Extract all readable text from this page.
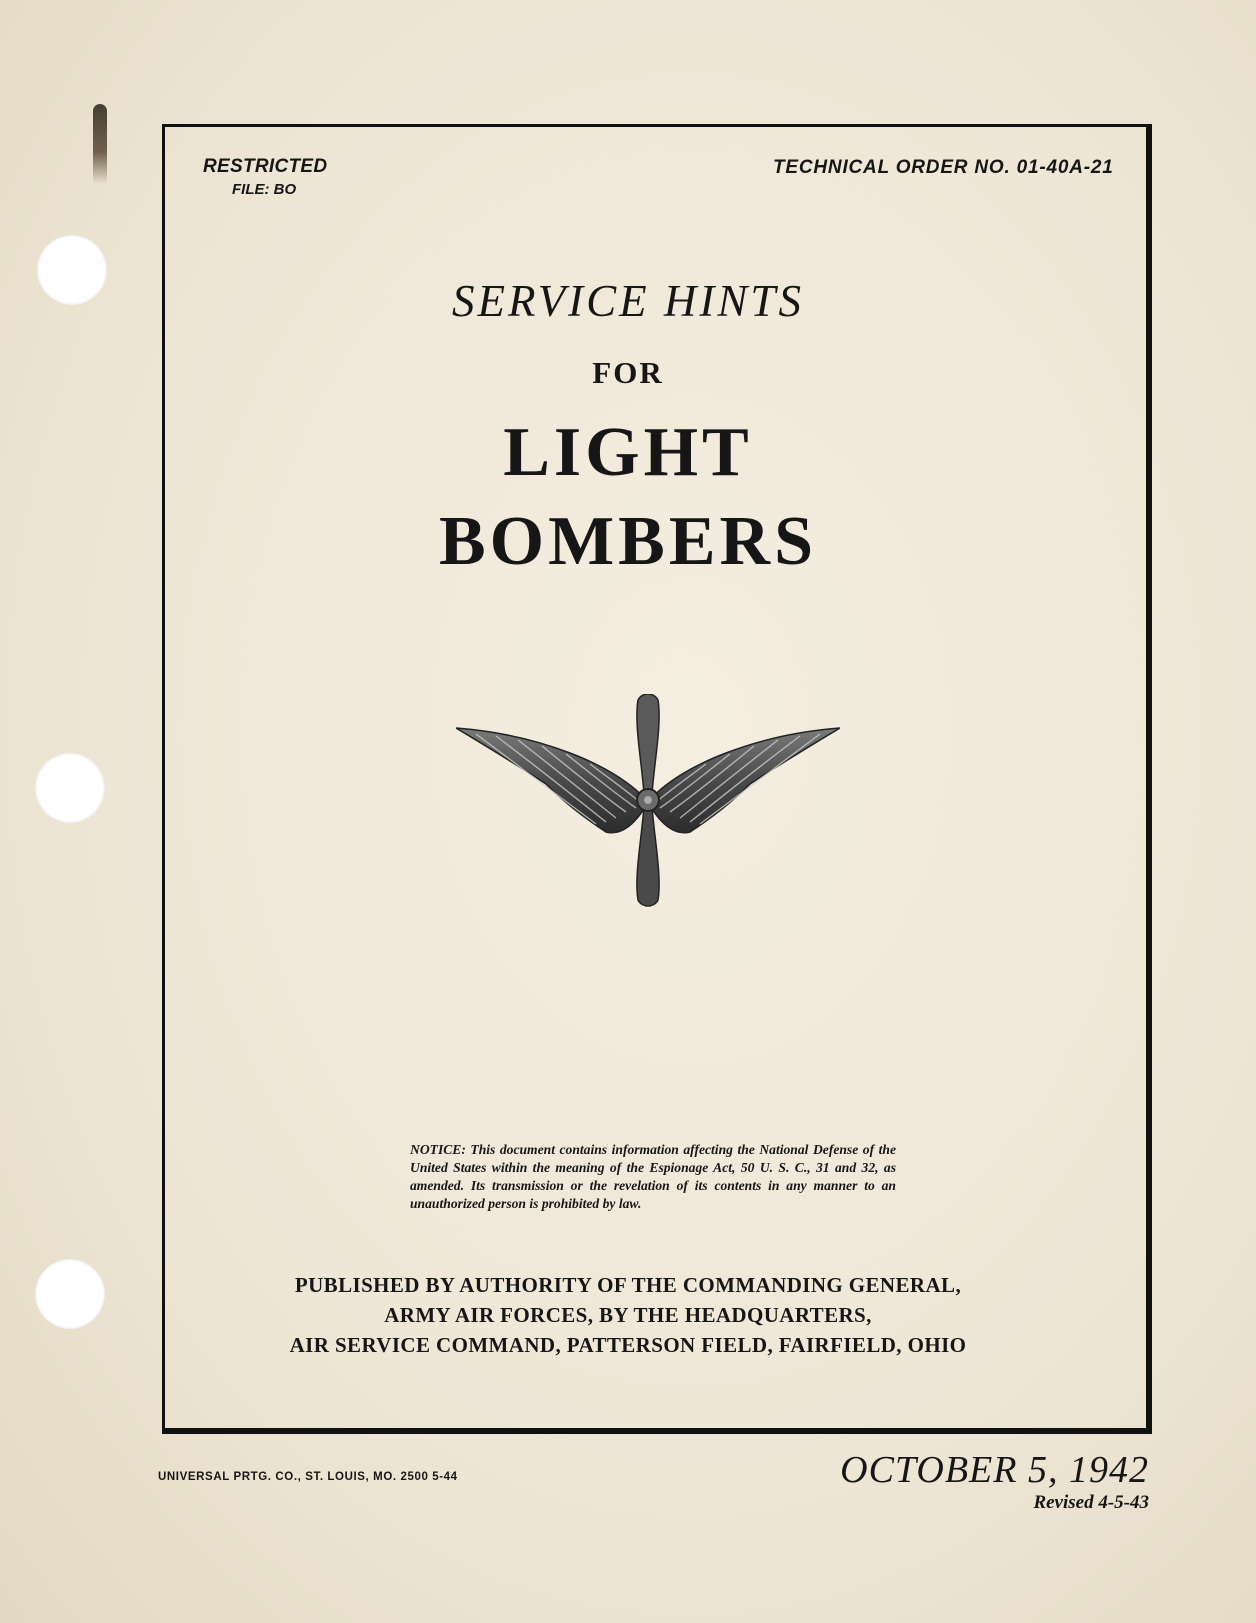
RESTRICTED
FILE: BO
TECHNICAL ORDER NO. 01-40A-21
SERVICE HINTS
FOR
LIGHT
BOMBERS
NOTICE: This document contains information affecting the National Defense of the United States within the meaning of the Espionage Act, 50 U. S. C., 31 and 32, as amended. Its transmission or the revelation of its contents in any manner to an unauthorized person is prohibited by law.
PUBLISHED BY AUTHORITY OF THE COMMANDING GENERAL,
ARMY AIR FORCES, BY THE HEADQUARTERS,
AIR SERVICE COMMAND, PATTERSON FIELD, FAIRFIELD, OHIO
UNIVERSAL PRTG. CO., ST. LOUIS, MO. 2500 5-44	OCTOBER 5, 1942
Revised 4-5-43
